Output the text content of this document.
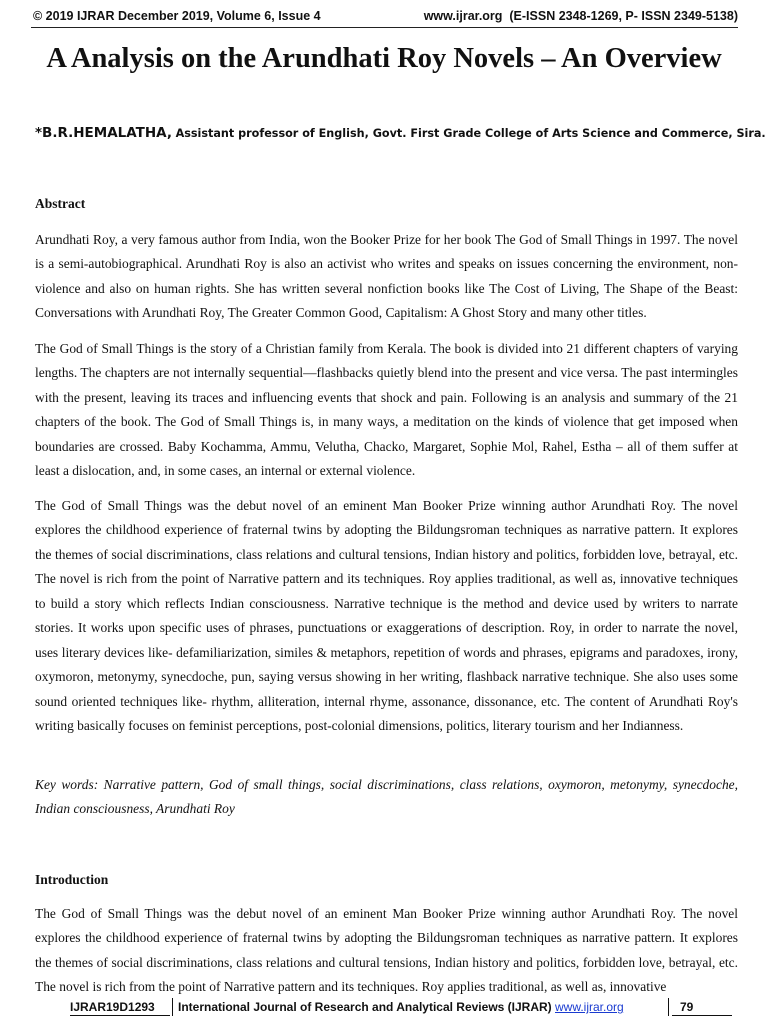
© 2019 IJRAR December 2019, Volume 6, Issue 4	www.ijrar.org (E-ISSN 2348-1269, P- ISSN 2349-5138)
A Analysis on the Arundhati Roy Novels – An Overview
*B.R.HEMALATHA, Assistant professor of English, Govt. First Grade College of Arts Science and Commerce, Sira.
Abstract

Arundhati Roy, a very famous author from India, won the Booker Prize for her book The God of Small Things in 1997. The novel is a semi-autobiographical. Arundhati Roy is also an activist who writes and speaks on issues concerning the environment, non-violence and also on human rights. She has written several nonfiction books like The Cost of Living, The Shape of the Beast: Conversations with Arundhati Roy, The Greater Common Good, Capitalism: A Ghost Story and many other titles.

The God of Small Things is the story of a Christian family from Kerala. The book is divided into 21 different chapters of varying lengths. The chapters are not internally sequential—flashbacks quietly blend into the present and vice versa. The past intermingles with the present, leaving its traces and influencing events that shock and pain. Following is an analysis and summary of the 21 chapters of the book. The God of Small Things is, in many ways, a meditation on the kinds of violence that get imposed when boundaries are crossed. Baby Kochamma, Ammu, Velutha, Chacko, Margaret, Sophie Mol, Rahel, Estha – all of them suffer at least a dislocation, and, in some cases, an internal or external violence.

The God of Small Things was the debut novel of an eminent Man Booker Prize winning author Arundhati Roy. The novel explores the childhood experience of fraternal twins by adopting the Bildungsroman techniques as narrative pattern. It explores the themes of social discriminations, class relations and cultural tensions, Indian history and politics, forbidden love, betrayal, etc. The novel is rich from the point of Narrative pattern and its techniques. Roy applies traditional, as well as, innovative techniques to build a story which reflects Indian consciousness. Narrative technique is the method and device used by writers to narrate stories. It works upon specific uses of phrases, punctuations or exaggerations of description. Roy, in order to narrate the novel, uses literary devices like- defamiliarization, similes & metaphors, repetition of words and phrases, epigrams and paradoxes, irony, oxymoron, metonymy, synecdoche, pun, saying versus showing in her writing, flashback narrative technique. She also uses some sound oriented techniques like- rhythm, alliteration, internal rhyme, assonance, dissonance, etc. The content of Arundhati Roy's writing basically focuses on feminist perceptions, post-colonial dimensions, politics, literary tourism and her Indianness.

Key words: Narrative pattern, God of small things, social discriminations, class relations, oxymoron, metonymy, synecdoche, Indian consciousness, Arundhati Roy

Introduction

The God of Small Things was the debut novel of an eminent Man Booker Prize winning author Arundhati Roy. The novel explores the childhood experience of fraternal twins by adopting the Bildungsroman techniques as narrative pattern. It explores the themes of social discriminations, class relations and cultural tensions, Indian history and politics, forbidden love, betrayal, etc. The novel is rich from the point of Narrative pattern and its techniques. Roy applies traditional, as well as, innovative

IJRAR19D1293 International Journal of Research and Analytical Reviews (IJRAR) www.ijrar.org	79
